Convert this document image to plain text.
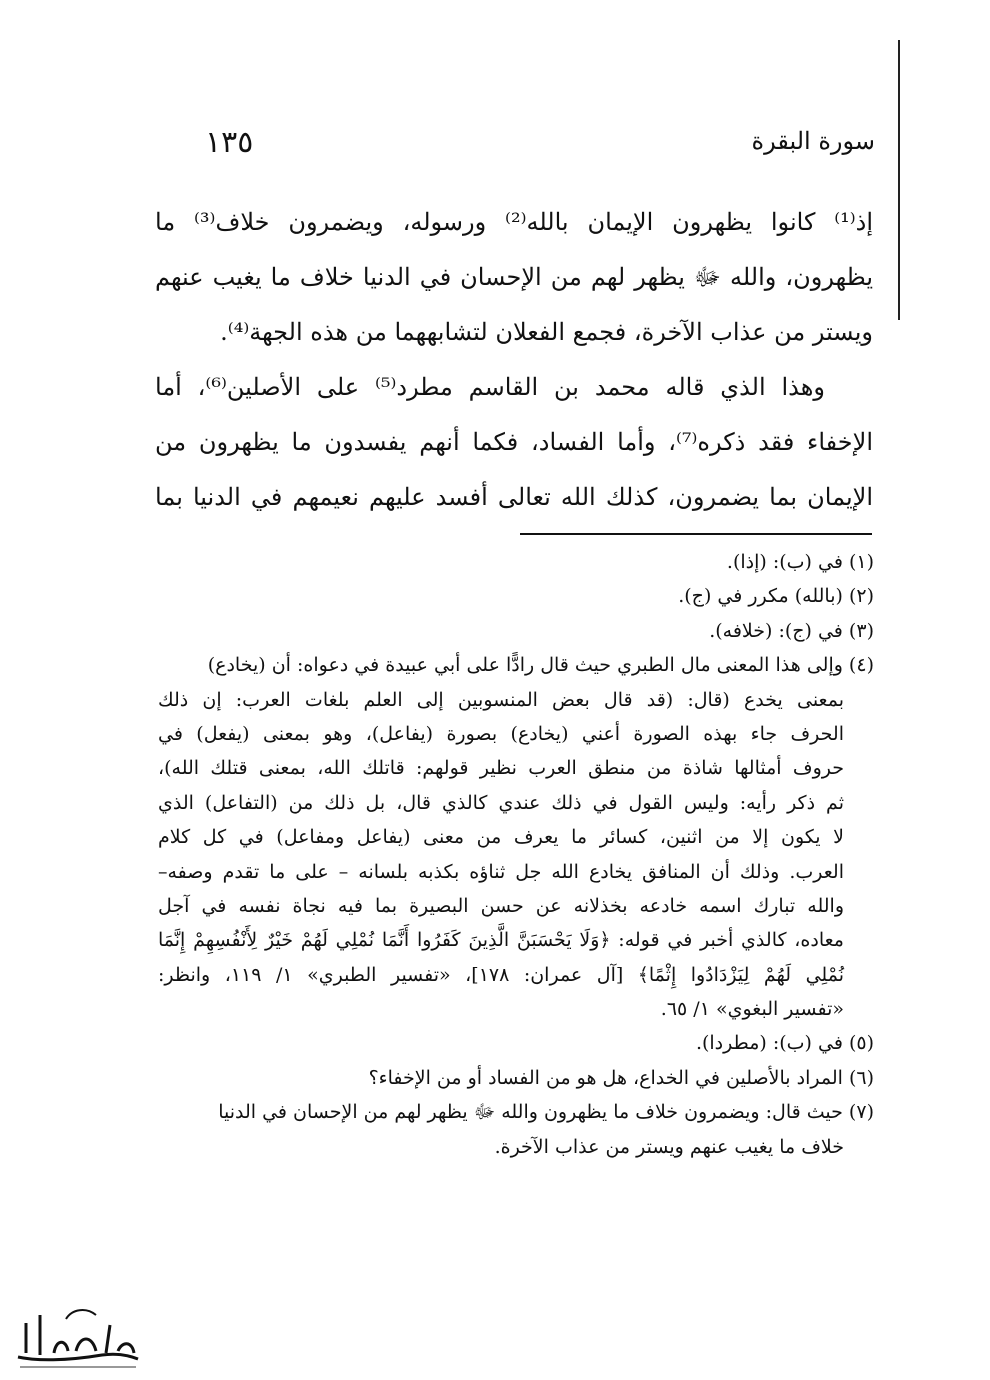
١٣٥	سورة البقرة
إذ⁽¹⁾ كانوا يظهرون الإيمان بالله⁽²⁾ ورسوله، ويضمرون خلاف⁽³⁾ ما
يظهرون، والله ﷻ يظهر لهم من الإحسان في الدنيا خلاف ما يغيب عنهم
ويستر من عذاب الآخرة، فجمع الفعلان لتشابههما من هذه الجهة⁽⁴⁾.
وهذا الذي قاله محمد بن القاسم مطرد⁽⁵⁾ على الأصلين⁽⁶⁾، أما
الإخفاء فقد ذكره⁽⁷⁾، وأما الفساد، فكما أنهم يفسدون ما يظهرون من
الإيمان بما يضمرون، كذلك الله تعالى أفسد عليهم نعيمهم في الدنيا بما
(١) في (ب): (إذا).
(٢) (بالله) مكرر في (ج).
(٣) في (ج): (خلافه).
(٤) وإلى هذا المعنى مال الطبري حيث قال رادًّا على أبي عبيدة في دعواه: أن (يخادع)
بمعنى يخدع (قال: (قد قال بعض المنسوبين إلى العلم بلغات العرب: إن ذلك
الحرف جاء بهذه الصورة أعني (يخادع) بصورة (يفاعل)، وهو بمعنى (يفعل) في
حروف أمثالها شاذة من منطق العرب نظير قولهم: قاتلك الله، بمعنى قتلك الله)،
ثم ذكر رأيه: وليس القول في ذلك عندي كالذي قال، بل ذلك من (التفاعل) الذي
لا يكون إلا من اثنين، كسائر ما يعرف من معنى (يفاعل ومفاعل) في كل كلام
العرب. وذلك أن المنافق يخادع الله جل ثناؤه بكذبه بلسانه – على ما تقدم وصفه–
والله تبارك اسمه خادعه بخذلانه عن حسن البصيرة بما فيه نجاة نفسه في آجل
معاده، كالذي أخبر في قوله: ﴿وَلَا يَحْسَبَنَّ الَّذِينَ كَفَرُوا أَنَّمَا نُمْلِي لَهُمْ خَيْرٌ لِأَنْفُسِهِمْ إِنَّمَا
نُمْلِي لَهُمْ لِيَزْدَادُوا إِثْمًا﴾ [آل عمران: ١٧٨]، «تفسير الطبري» ١/ ١١٩، وانظر:
«تفسير البغوي» ١/ ٦٥.
(٥) في (ب): (مطردا).
(٦) المراد بالأصلين في الخداع، هل هو من الفساد أو من الإخفاء؟
(٧) حيث قال: ويضمرون خلاف ما يظهرون والله ﷻ يظهر لهم من الإحسان في الدنيا
خلاف ما يغيب عنهم ويستر من عذاب الآخرة.
